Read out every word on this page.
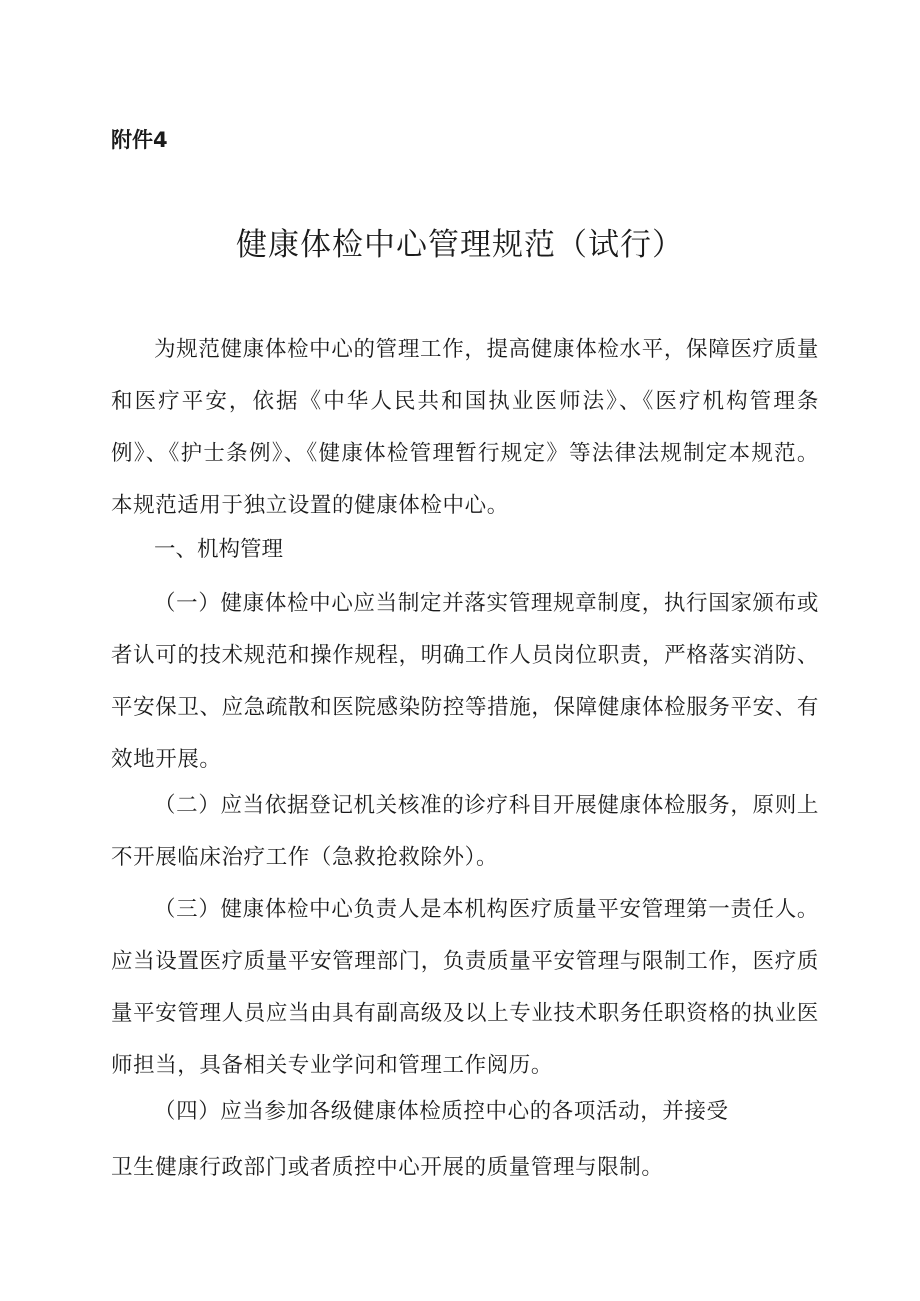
附件4

健康体检中心管理规范（试行）

为规范健康体检中心的管理工作，提高健康体检水平，保障医疗质量和医疗平安，依据《中华人民共和国执业医师法》、《医疗机构管理条例》、《护士条例》、《健康体检管理暂行规定》等法律法规制定本规范。本规范适用于独立设置的健康体检中心。

一、机构管理

（一）健康体检中心应当制定并落实管理规章制度，执行国家颁布或者认可的技术规范和操作规程，明确工作人员岗位职责，严格落实消防、平安保卫、应急疏散和医院感染防控等措施，保障健康体检服务平安、有效地开展。

（二）应当依据登记机关核准的诊疗科目开展健康体检服务，原则上不开展临床治疗工作（急救抢救除外）。

（三）健康体检中心负责人是本机构医疗质量平安管理第一责任人。应当设置医疗质量平安管理部门，负责质量平安管理与限制工作，医疗质量平安管理人员应当由具有副高级及以上专业技术职务任职资格的执业医师担当，具备相关专业学问和管理工作阅历。

（四）应当参加各级健康体检质控中心的各项活动，并接受

卫生健康行政部门或者质控中心开展的质量管理与限制。
